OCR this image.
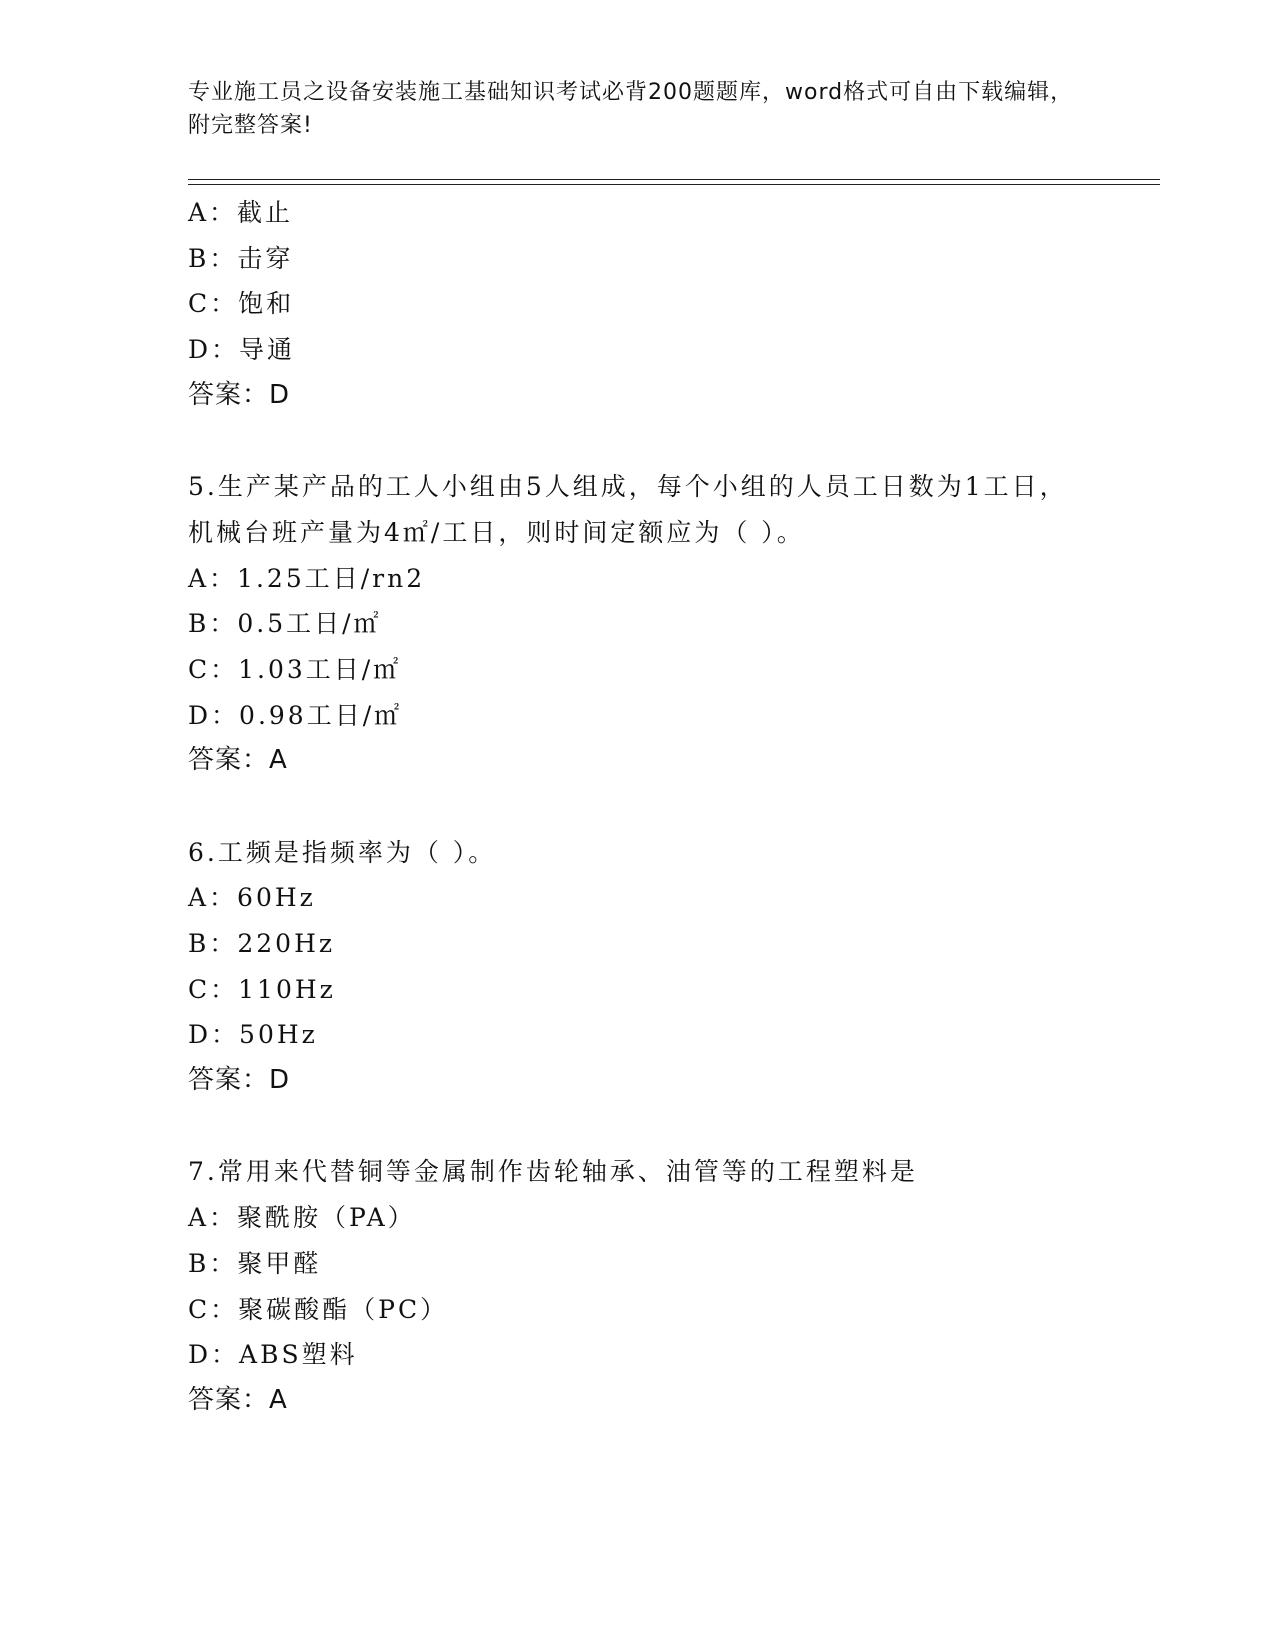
专业施工员之设备安装施工基础知识考试必背200题题库，word格式可自由下载编辑，附完整答案!
A：截止
B：击穿
C：饱和
D：导通
答案：D
5.生产某产品的工人小组由5人组成，每个小组的人员工日数为1工日，机械台班产量为4㎡/工日，则时间定额应为（ ）。
A：1.25工日/rn2
B：0.5工日/㎡
C：1.03工日/㎡
D：0.98工日/㎡
答案：A
6.工频是指频率为（ ）。
A：60Hz
B：220Hz
C：110Hz
D：50Hz
答案：D
7.常用来代替铜等金属制作齿轮轴承、油管等的工程塑料是
A：聚酰胺（PA）
B：聚甲醛
C：聚碳酸酯（PC）
D：ABS塑料
答案：A
